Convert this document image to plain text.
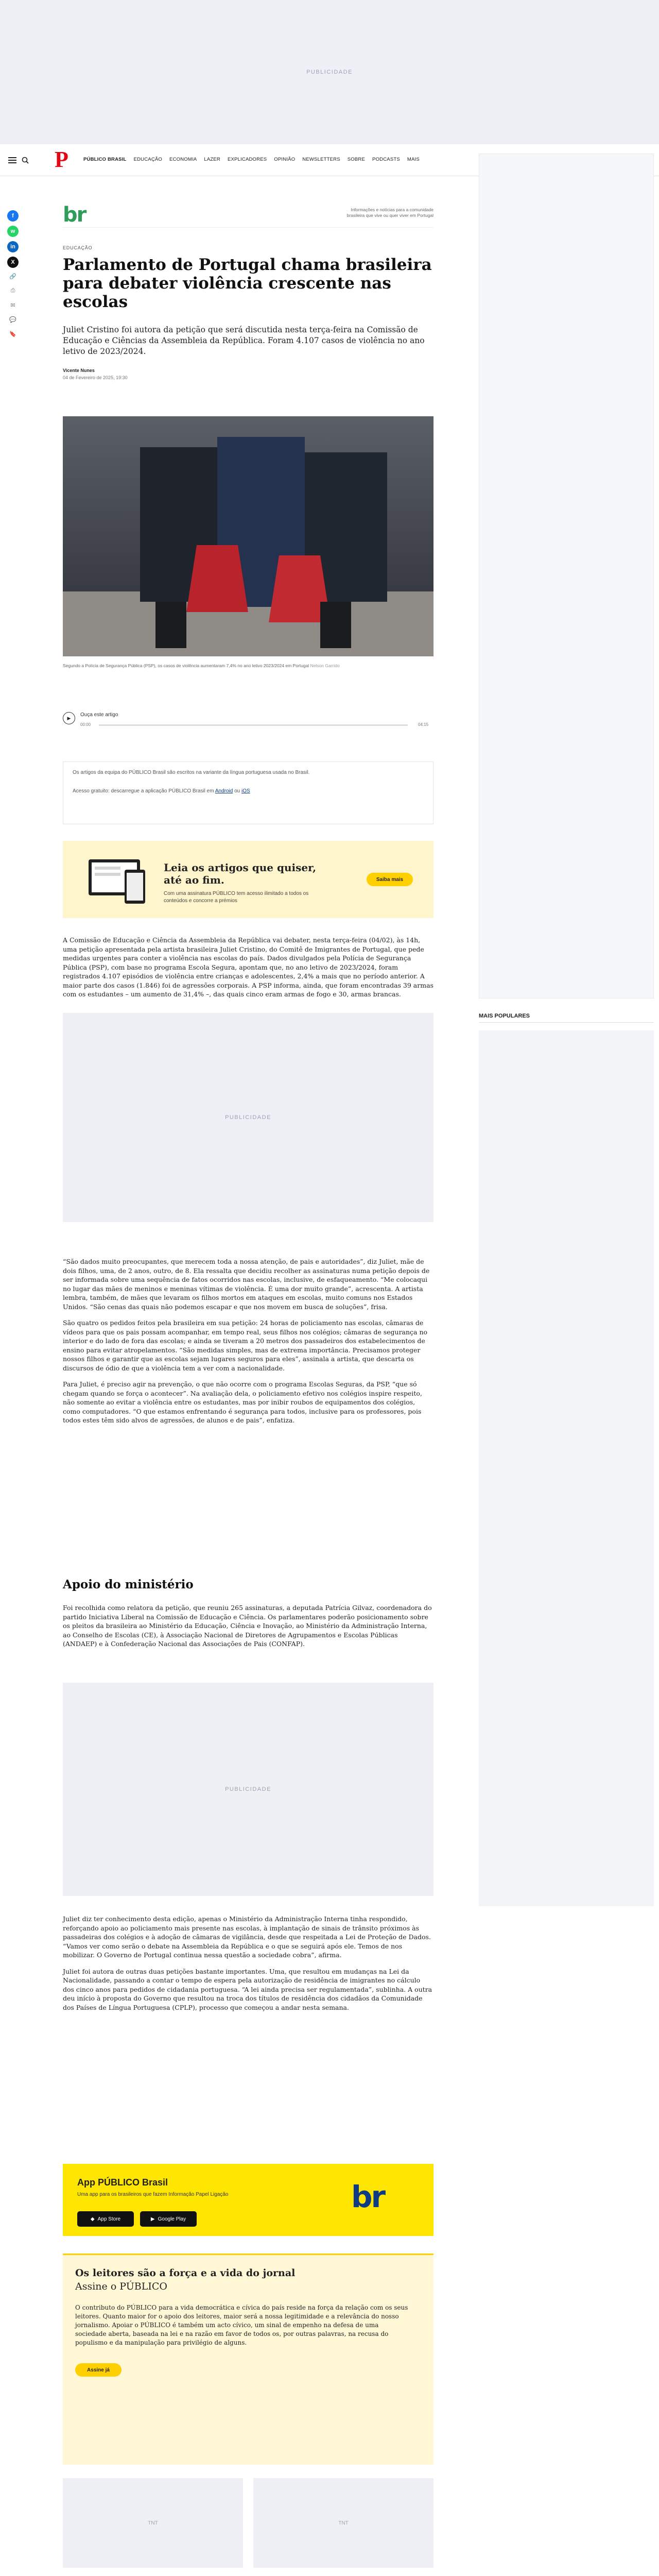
PUBLICIDADE
P	PÚBLICO BRASIL EDUCAÇÃO ECONOMIA LAZER EXPLICADORES OPINIÃO NEWSLETTERS SOBRE PODCASTS MAIS
f
w
in
X
🔗
⎙
✉
💬
🔖
br	Informações e notícias para a comunidade brasileira que vive ou quer viver em Portugal
EDUCAÇÃO
Parlamento de Portugal chama brasileira para debater violência crescente nas escolas
Juliet Cristino foi autora da petição que será discutida nesta terça-feira na Comissão de Educação e Ciências da Assembleia da República. Foram 4.107 casos de violência no ano letivo de 2023/2024.
Vicente Nunes
04 de Fevereiro de 2025, 19:30
Segundo a Polícia de Segurança Pública (PSP), os casos de violência aumentaram 7,4% no ano letivo 2023/2024 em Portugal Nelson Garrido
▶
Ouça este artigo
00:00	04:15

Os artigos da equipa do PÚBLICO Brasil são escritos na variante da língua portuguesa usada no Brasil.

Acesso gratuito: descarregue a aplicação PÚBLICO Brasil em Android ou iOS

Leia os artigos que quiser, até ao fim.
Com uma assinatura PÚBLICO tem acesso ilimitado a todos os conteúdos e concorre a prémios
Saiba mais

A Comissão de Educação e Ciência da Assembleia da República vai debater, nesta terça-feira (04/02), às 14h, uma petição apresentada pela artista brasileira Juliet Cristino, do Comitê de Imigrantes de Portugal, que pede medidas urgentes para conter a violência nas escolas do país. Dados divulgados pela Polícia de Segurança Pública (PSP), com base no programa Escola Segura, apontam que, no ano letivo de 2023/2024, foram registrados 4.107 episódios de violência entre crianças e adolescentes, 2,4% a mais que no período anterior. A maior parte dos casos (1.846) foi de agressões corporais. A PSP informa, ainda, que foram encontradas 39 armas com os estudantes – um aumento de 31,4% –, das quais cinco eram armas de fogo e 30, armas brancas.

PUBLICIDADE

“São dados muito preocupantes, que merecem toda a nossa atenção, de pais e autoridades”, diz Juliet, mãe de dois filhos, uma, de 2 anos, outro, de 8. Ela ressalta que decidiu recolher as assinaturas numa petição depois de ser informada sobre uma sequência de fatos ocorridos nas escolas, inclusive, de esfaqueamento. “Me colocaqui no lugar das mães de meninos e meninas vítimas de violência. É uma dor muito grande”, acrescenta. A artista lembra, também, de mães que levaram os filhos mortos em ataques em escolas, muito comuns nos Estados Unidos. “São cenas das quais não podemos escapar e que nos movem em busca de soluções”, frisa.

São quatro os pedidos feitos pela brasileira em sua petição: 24 horas de policiamento nas escolas, câmaras de vídeos para que os pais possam acompanhar, em tempo real, seus filhos nos colégios; câmaras de segurança no interior e do lado de fora das escolas; e ainda se tiveram a 20 metros dos passadeiros dos estabelecimentos de ensino para evitar atropelamentos. “São medidas simples, mas de extrema importância. Precisamos proteger nossos filhos e garantir que as escolas sejam lugares seguros para eles”, assinala a artista, que descarta os discursos de ódio de que a violência tem a ver com a nacionalidade.

Para Juliet, é preciso agir na prevenção, o que não ocorre com o programa Escolas Seguras, da PSP, “que só chegam quando se força o acontecer”. Na avaliação dela, o policiamento efetivo nos colégios inspire respeito, não somente ao evitar a violência entre os estudantes, mas por inibir roubos de equipamentos dos colégios, como computadores. “O que estamos enfrentando é segurança para todos, inclusive para os professores, pois todos estes têm sido alvos de agressões, de alunos e de pais”, enfatiza.

Apoio do ministério

Foi recolhida como relatora da petição, que reuniu 265 assinaturas, a deputada Patrícia Gilvaz, coordenadora do partido Iniciativa Liberal na Comissão de Educação e Ciência. Os parlamentares poderão posicionamento sobre os pleitos da brasileira ao Ministério da Educação, Ciência e Inovação, ao Ministério da Administração Interna, ao Conselho de Escolas (CE), à Associação Nacional de Diretores de Agrupamentos e Escolas Públicas (ANDAEP) e à Confederação Nacional das Associações de Pais (CONFAP).

PUBLICIDADE

Juliet diz ter conhecimento desta edição, apenas o Ministério da Administração Interna tinha respondido, reforçando apoio ao policiamento mais presente nas escolas, à implantação de sinais de trânsito próximos às passadeiras dos colégios e à adoção de câmaras de vigilância, desde que respeitada a Lei de Proteção de Dados. “Vamos ver como serão o debate na Assembleia da República e o que se seguirá após ele. Temos de nos mobilizar. O Governo de Portugal continua nessa questão a sociedade cobra”, afirma.

Juliet foi autora de outras duas petições bastante importantes. Uma, que resultou em mudanças na Lei da Nacionalidade, passando a contar o tempo de espera pela autorização de residência de imigrantes no cálculo dos cinco anos para pedidos de cidadania portuguesa. “A lei ainda precisa ser regulamentada”, sublinha. A outra deu início à proposta do Governo que resultou na troca dos títulos de residência dos cidadãos da Comunidade dos Países de Língua Portuguesa (CPLP), processo que começou a andar nesta semana.

App PÚBLICO Brasil
Uma app para os brasileiros que fazem Informação Papel Ligação
◆ App Store	▶ Google Play
br
Os leitores são a força e a vida do jornal
Assine o PÚBLICO
O contributo do PÚBLICO para a vida democrática e cívica do país reside na força da relação com os seus leitores. Quanto maior for o apoio dos leitores, maior será a nossa legitimidade e a relevância do nosso jornalismo. Apoiar o PÚBLICO é também um acto cívico, um sinal de empenho na defesa de uma sociedade aberta, baseada na lei e na razão em favor de todos os, por outras palavras, na recusa do populismo e da manipulação para privilégio de alguns.
Assine já
TNT	TNT

MAIS POPULARES
